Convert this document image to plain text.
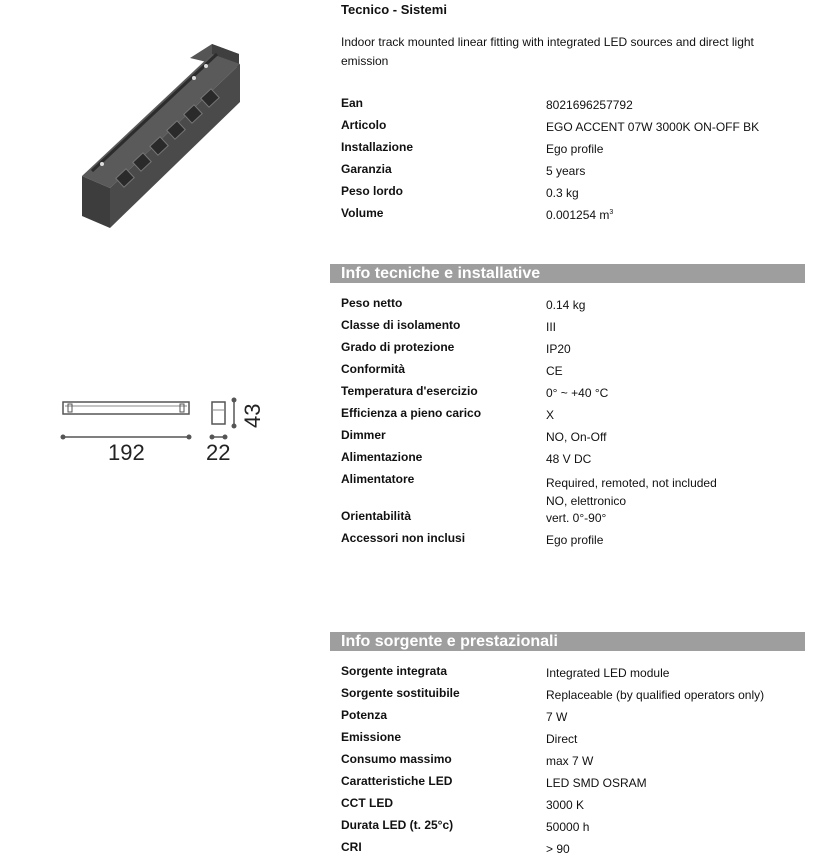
192	22
43
Tecnico - Sistemi
Indoor track mounted linear fitting with integrated LED sources and direct light emission
Ean	8021696257792
Articolo	EGO ACCENT 07W 3000K ON-OFF BK
Installazione	Ego profile
Garanzia	5 years
Peso lordo	0.3 kg
Volume	0.001254 $m^3$
Info tecniche e installative
Peso netto	0.14 kg
Classe di isolamento	III
Grado di protezione	IP20
Conformità	CE
Temperatura d'esercizio	0° ~ +40 °C
Efficienza a pieno carico	X
Dimmer	NO, On-Off
Alimentazione	48 V DC
Alimentatore	Required, remoted, not included
NO, elettronico
Orientabilità	vert. 0°-90°
Accessori non inclusi	Ego profile
Info sorgente e prestazionali
Sorgente integrata	Integrated LED module
Sorgente sostituibile	Replaceable (by qualified operators only)
Potenza	7 W
Emissione	Direct
Consumo massimo	max 7 W
Caratteristiche LED	LED SMD OSRAM
CCT LED	3000 K
Durata LED (t. 25°c)	50000 h
CRI	> 90
